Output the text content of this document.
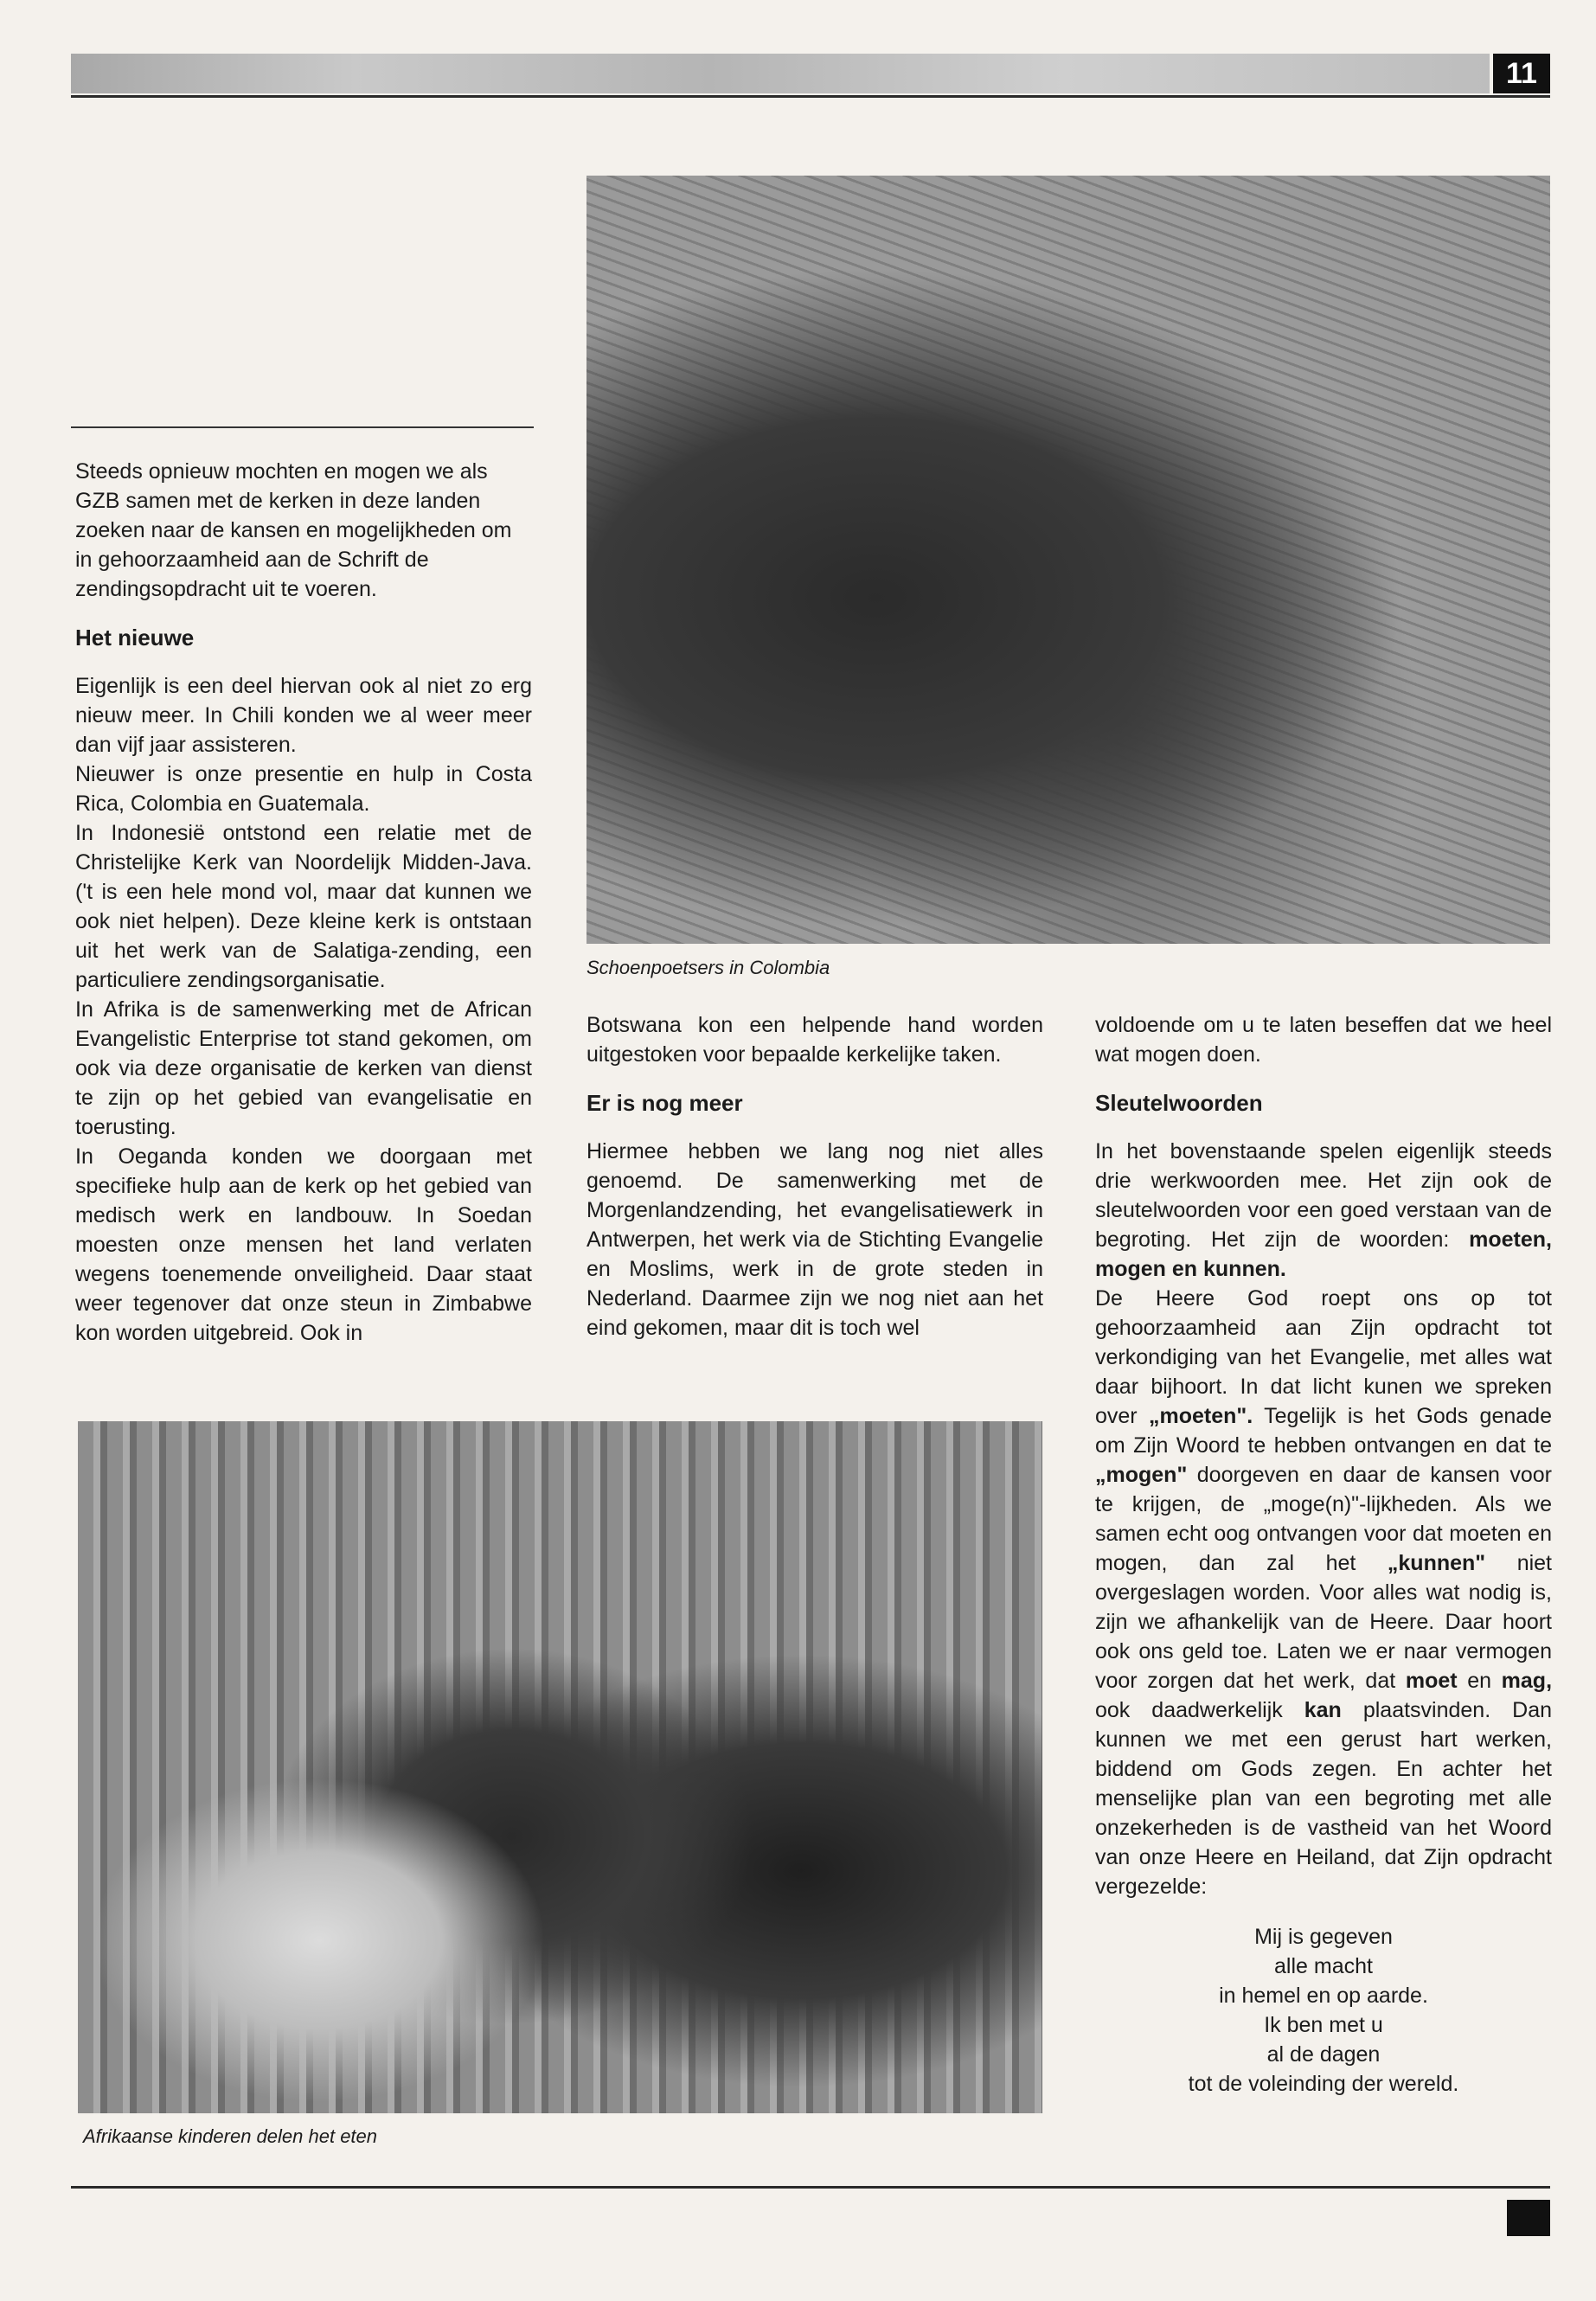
11

Steeds opnieuw mochten en mogen we als GZB samen met de kerken in deze landen zoeken naar de kansen en mogelijkheden om in gehoorzaamheid aan de Schrift de zendingsopdracht uit te voeren.

Het nieuwe

Eigenlijk is een deel hiervan ook al niet zo erg nieuw meer. In Chili konden we al weer meer dan vijf jaar assisteren.

Nieuwer is onze presentie en hulp in Costa Rica, Colombia en Guatemala.

In Indonesië ontstond een relatie met de Christelijke Kerk van Noordelijk Midden-Java. ('t is een hele mond vol, maar dat kunnen we ook niet helpen). Deze kleine kerk is ontstaan uit het werk van de Salatiga-zending, een particuliere zendingsorganisatie.

In Afrika is de samenwerking met de African Evangelistic Enterprise tot stand gekomen, om ook via deze organisatie de kerken van dienst te zijn op het gebied van evangelisatie en toerusting.

In Oeganda konden we doorgaan met specifieke hulp aan de kerk op het gebied van medisch werk en landbouw. In Soedan moesten onze mensen het land verlaten wegens toenemende onveiligheid. Daar staat weer tegenover dat onze steun in Zimbabwe kon worden uitgebreid. Ook in

Schoenpoetsers in Colombia

Botswana kon een helpende hand worden uitgestoken voor bepaalde kerkelijke taken.

Er is nog meer

Hiermee hebben we lang nog niet alles genoemd. De samenwerking met de Morgenlandzending, het evangelisatiewerk in Antwerpen, het werk via de Stichting Evangelie en Moslims, werk in de grote steden in Nederland. Daarmee zijn we nog niet aan het eind gekomen, maar dit is toch wel

voldoende om u te laten beseffen dat we heel wat mogen doen.

Sleutelwoorden

In het bovenstaande spelen eigenlijk steeds drie werkwoorden mee. Het zijn ook de sleutelwoorden voor een goed verstaan van de begroting. Het zijn de woorden: moeten, mogen en kunnen.

De Heere God roept ons op tot gehoorzaamheid aan Zijn opdracht tot verkondiging van het Evangelie, met alles wat daar bijhoort. In dat licht kunen we spreken over „moeten". Tegelijk is het Gods genade om Zijn Woord te hebben ontvangen en dat te „mogen" doorgeven en daar de kansen voor te krijgen, de „moge(n)"-lijkheden. Als we samen echt oog ontvangen voor dat moeten en mogen, dan zal het „kunnen" niet overgeslagen worden. Voor alles wat nodig is, zijn we afhankelijk van de Heere. Daar hoort ook ons geld toe. Laten we er naar vermogen voor zorgen dat het werk, dat moet en mag, ook daadwerkelijk kan plaatsvinden. Dan kunnen we met een gerust hart werken, biddend om Gods zegen. En achter het menselijke plan van een begroting met alle onzekerheden is de vastheid van het Woord van onze Heere en Heiland, dat Zijn opdracht vergezelde:

Mij is gegeven
alle macht
in hemel en op aarde.
Ik ben met u
al de dagen
tot de voleinding der wereld.
Afrikaanse kinderen delen het eten
